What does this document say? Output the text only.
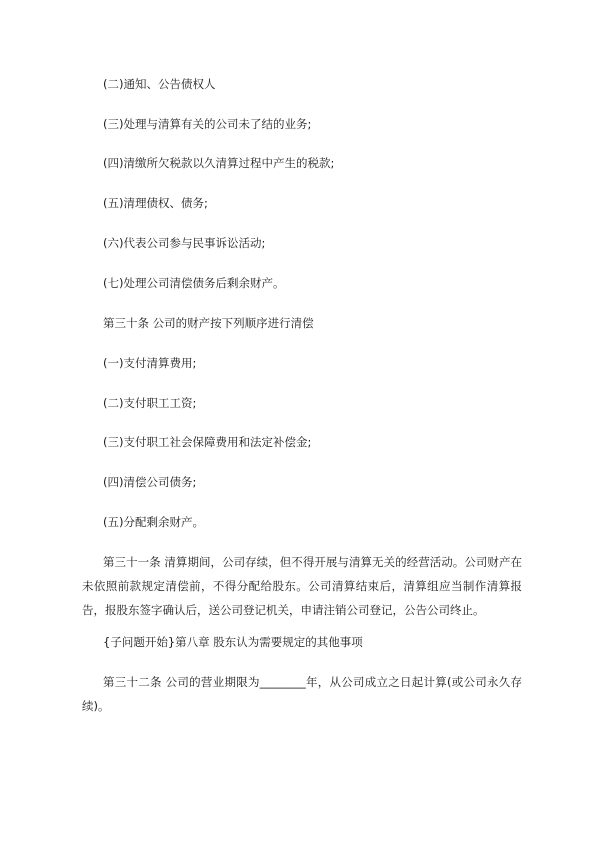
(二)通知、公告债权人
(三)处理与清算有关的公司未了结的业务;
(四)清缴所欠税款以久清算过程中产生的税款;
(五)清理债权、债务;
(六)代表公司参与民事诉讼活动;
(七)处理公司清偿债务后剩余财产。
第三十条 公司的财产按下列顺序进行清偿
(一)支付清算费用;
(二)支付职工工资;
(三)支付职工社会保障费用和法定补偿金;
(四)清偿公司债务;
(五)分配剩余财产。
第三十一条 清算期间，公司存续，但不得开展与清算无关的经营活动。公司财产在未依照前款规定清偿前，不得分配给股东。公司清算结束后，清算组应当制作清算报告，报股东签字确认后，送公司登记机关，申请注销公司登记，公告公司终止。
{子问题开始}第八章 股东认为需要规定的其他事项
第三十二条 公司的营业期限为________年，从公司成立之日起计算(或公司永久存续)。
